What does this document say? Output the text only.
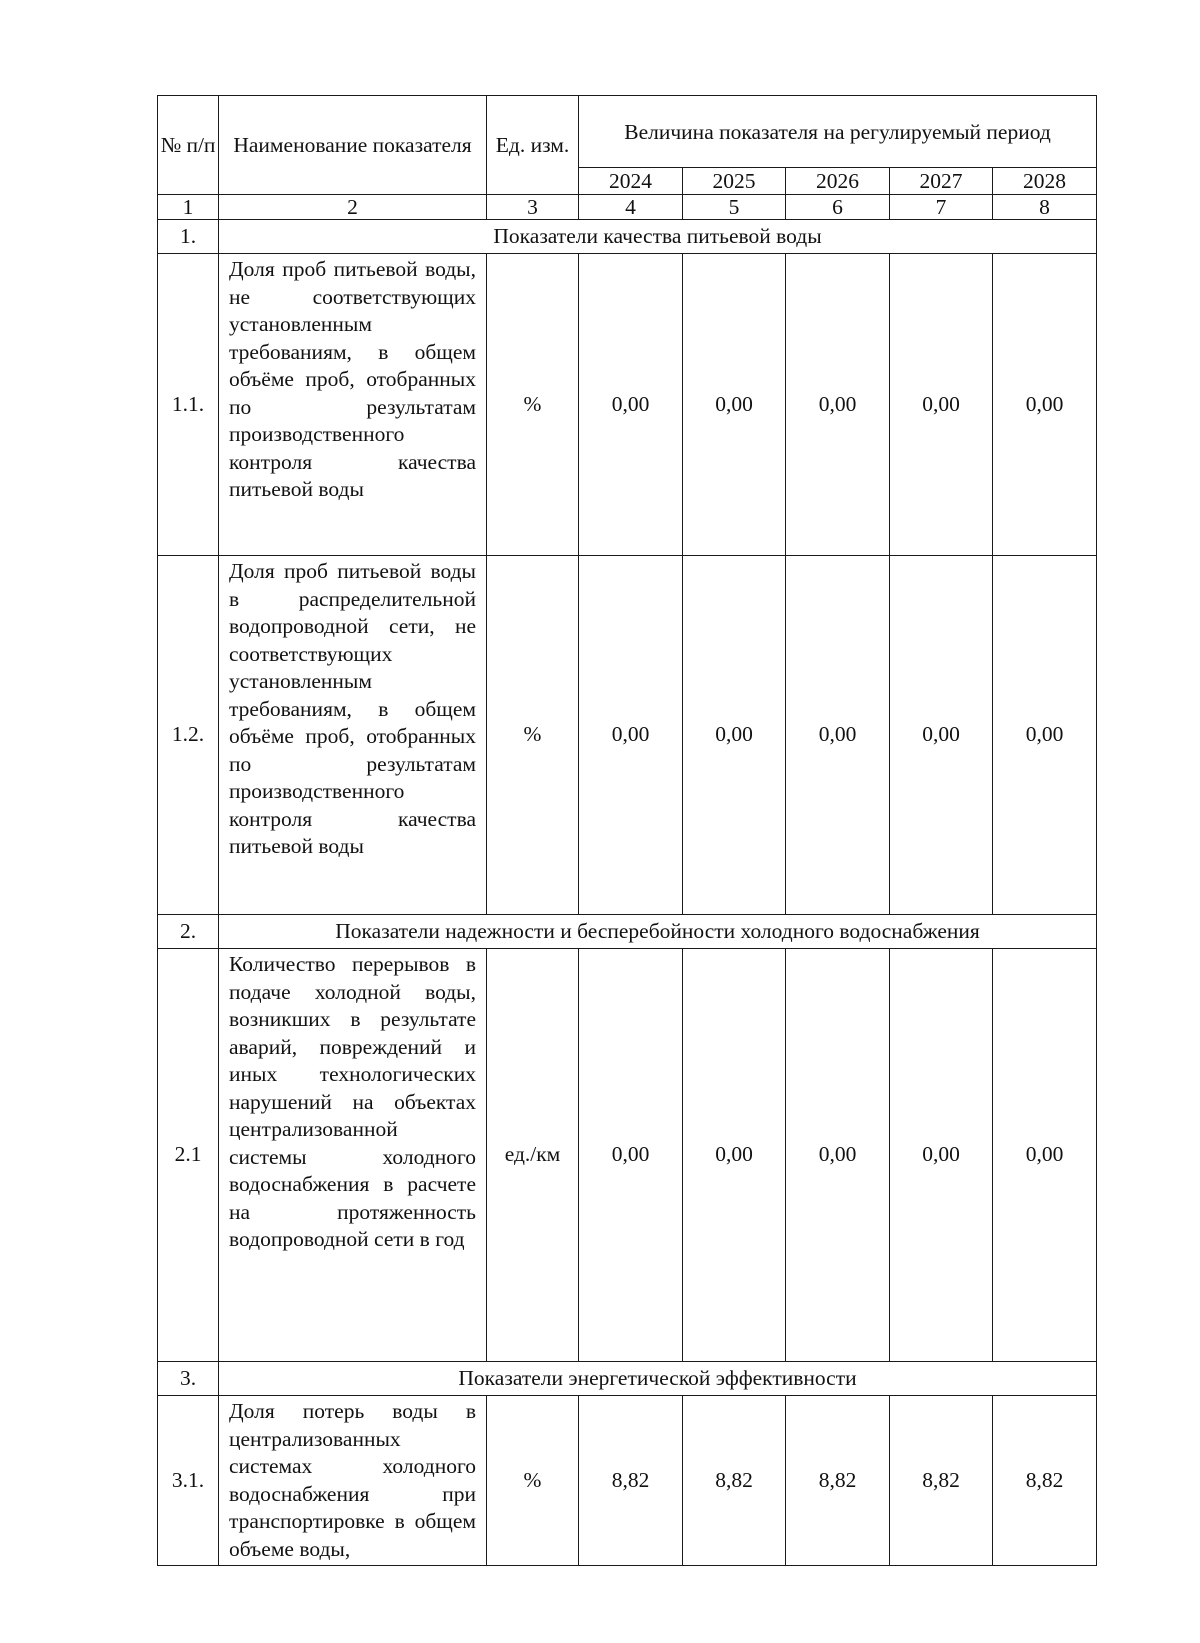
№ п/п	Наименование показателя	Ед. изм.	Величина показателя на регулируемый период				
			2024	2025	2026	2027	2028
1	2	3	4	5	6	7	8
1.	Показатели качества питьевой воды						
1.1.	Доля проб питьевой воды, не соответствующих установленным требованиям, в общем объёме проб, отобранных по результатам производственного контроля качества питьевой воды	%	0,00	0,00	0,00	0,00	0,00
1.2.	Доля проб питьевой воды в распределительной водопроводной сети, не соответствующих установленным требованиям, в общем объёме проб, отобранных по результатам производственного контроля качества питьевой воды	%	0,00	0,00	0,00	0,00	0,00
2.	Показатели надежности и бесперебойности холодного водоснабжения						
2.1	Количество перерывов в подаче холодной воды, возникших в результате аварий, повреждений и иных технологических нарушений на объектах централизованной системы холодного водоснабжения в расчете на протяженность водопроводной сети в год	ед./км	0,00	0,00	0,00	0,00	0,00
3.	Показатели энергетической эффективности						
3.1.	Доля потерь воды в централизованных системах холодного водоснабжения при транспортировке в общем объеме воды,	%	8,82	8,82	8,82	8,82	8,82
